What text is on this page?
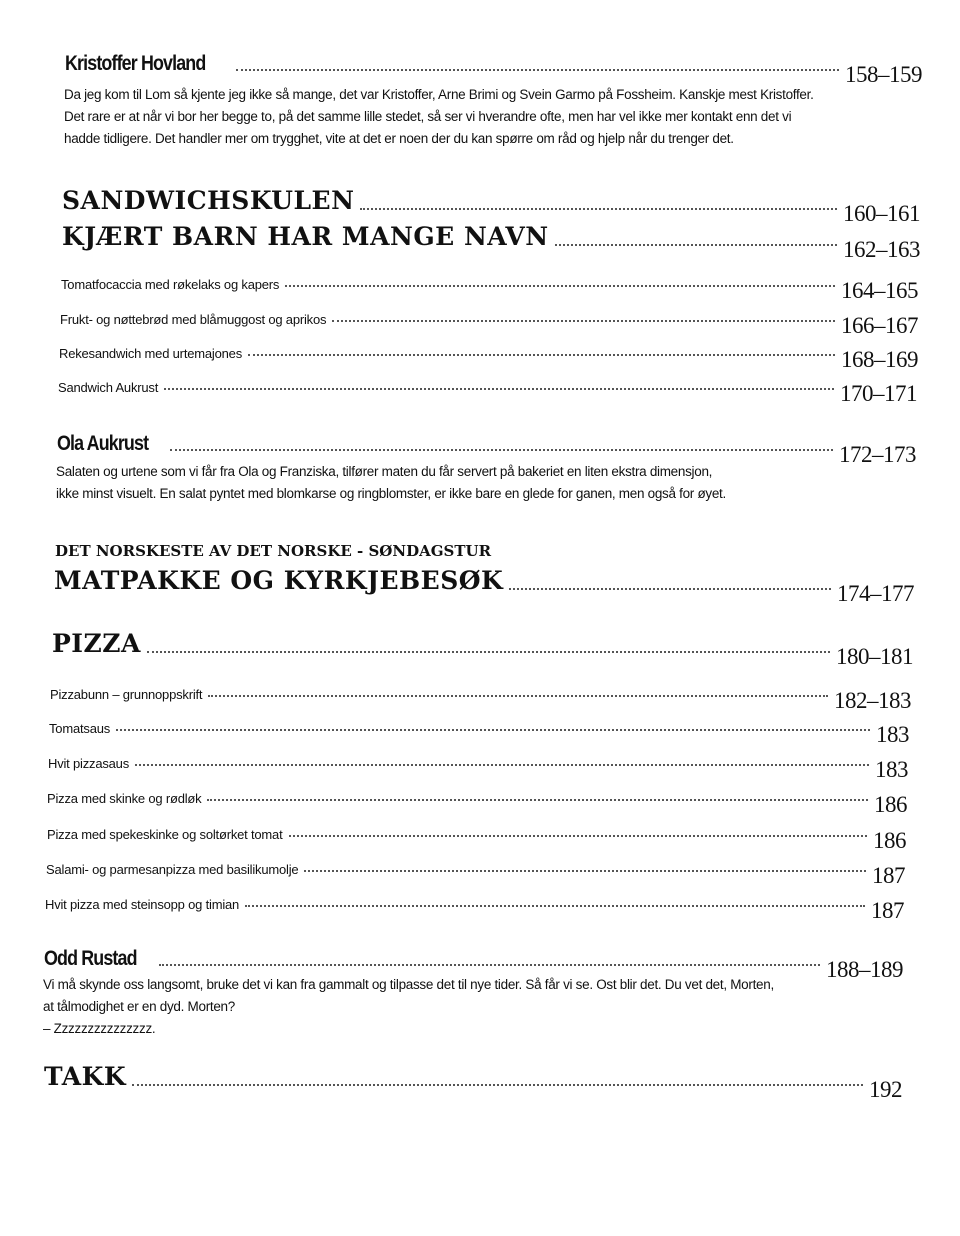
Kristoffer Hovland	158–159
Da jeg kom til Lom så kjente jeg ikke så mange, det var Kristoffer, Arne Brimi og Svein Garmo på Fossheim. Kanskje mest Kristoffer.
Det rare er at når vi bor her begge to, på det samme lille stedet, så ser vi hverandre ofte, men har vel ikke mer kontakt enn det vi
hadde tidligere. Det handler mer om trygghet, vite at det er noen der du kan spørre om råd og hjelp når du trenger det.
SANDWICHSKULEN	160–161
KJÆRT BARN HAR MANGE NAVN	162–163
Tomatfocaccia med røkelaks og kapers	164–165
Frukt- og nøttebrød med blåmuggost og aprikos	166–167
Rekesandwich med urtemajones	168–169
Sandwich Aukrust	170–171
Ola Aukrust	172–173
Salaten og urtene som vi får fra Ola og Franziska, tilfører maten du får servert på bakeriet en liten ekstra dimensjon,
ikke minst visuelt. En salat pyntet med blomkarse og ringblomster, er ikke bare en glede for ganen, men også for øyet.
DET NORSKESTE AV DET NORSKE - SØNDAGSTUR
MATPAKKE OG KYRKJEBESØK	174–177
PIZZA	180–181
Pizzabunn – grunnoppskrift	182–183
Tomatsaus	183
Hvit pizzasaus	183
Pizza med skinke og rødløk	186
Pizza med spekeskinke og soltørket tomat	186
Salami- og parmesanpizza med basilikumolje	187
Hvit pizza med steinsopp og timian	187
Odd Rustad	188–189
Vi må skynde oss langsomt, bruke det vi kan fra gammalt og tilpasse det til nye tider. Så får vi se. Ost blir det. Du vet det, Morten,
at tålmodighet er en dyd. Morten?
– Zzzzzzzzzzzzzzz.
TAKK	192
